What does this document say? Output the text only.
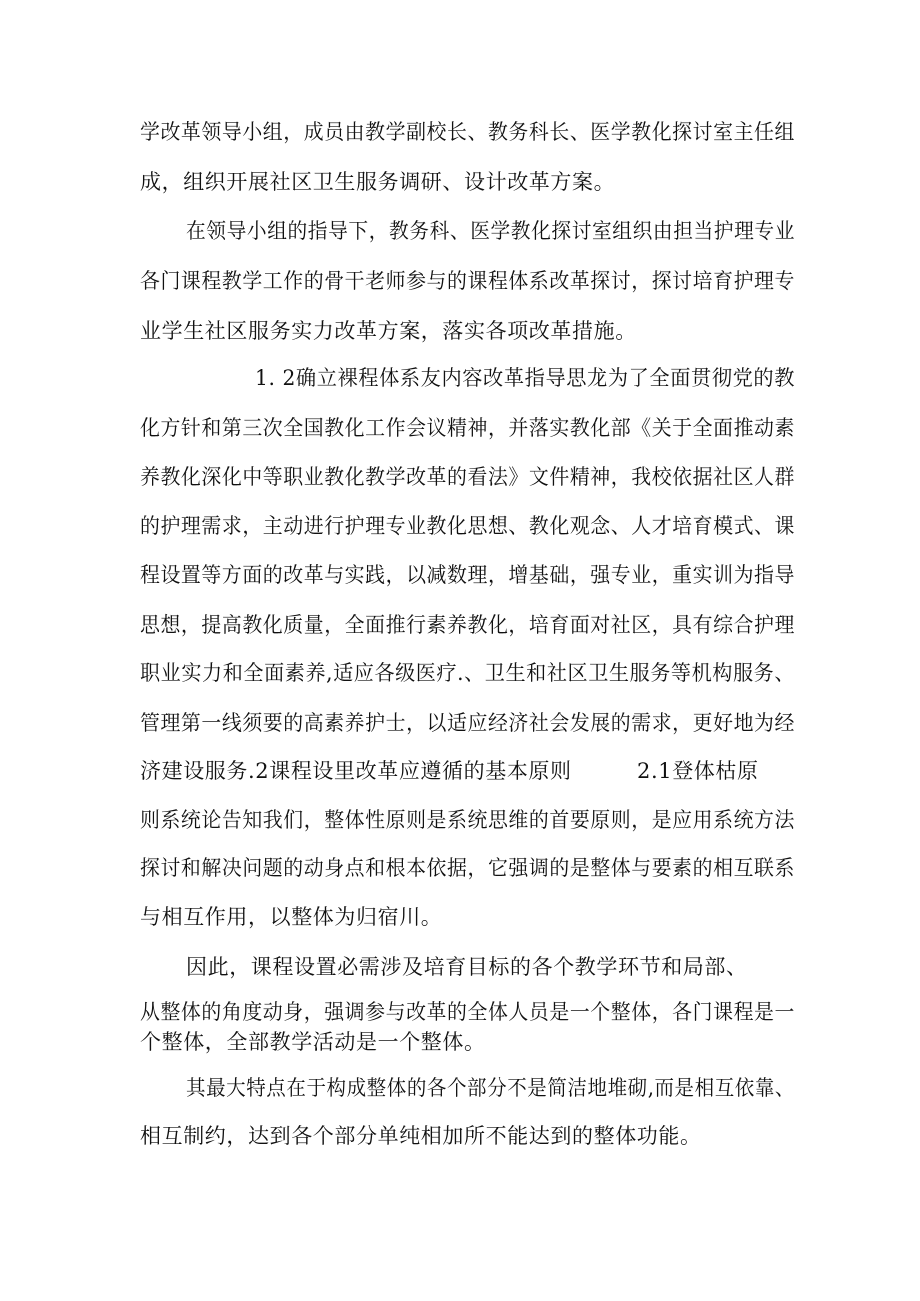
学改革领导小组，成员由教学副校长、教务科长、医学教化探讨室主任组
成，组织开展社区卫生服务调研、设计改革方案。
在领导小组的指导下，教务科、医学教化探讨室组织由担当护理专业
各门课程教学工作的骨干老师参与的课程体系改革探讨，探讨培育护理专
业学生社区服务实力改革方案，落实各项改革措施。
1. 2确立裸程体系友内容改革指导思龙为了全面贯彻党的教
化方针和第三次全国教化工作会议精神，并落实教化部《关于全面推动素
养教化深化中等职业教化教学改革的看法》文件精神，我校依据社区人群
的护理需求，主动进行护理专业教化思想、教化观念、人才培育模式、课
程设置等方面的改革与实践，以减数理，增基础，强专业，重实训为指导
思想，提高教化质量，全面推行素养教化，培育面对社区，具有综合护理
职业实力和全面素养,适应各级医疗.、卫生和社区卫生服务等机构服务、
管理第一线须要的高素养护士，以适应经济社会发展的需求，更好地为经
济建设服务.2课程设里改革应遵循的基本原则	2.1登体枯原
则系统论告知我们，整体性原则是系统思维的首要原则，是应用系统方法
探讨和解决问题的动身点和根本依据，它强调的是整体与要素的相互联系
与相互作用，以整体为归宿川。
因此，课程设置必需涉及培育目标的各个教学环节和局部、
从整体的角度动身，强调参与改革的全体人员是一个整体，各门课程是一
个整体，全部教学活动是一个整体。
其最大特点在于构成整体的各个部分不是简洁地堆砌,而是相互依靠、
相互制约，达到各个部分单纯相加所不能达到的整体功能。
